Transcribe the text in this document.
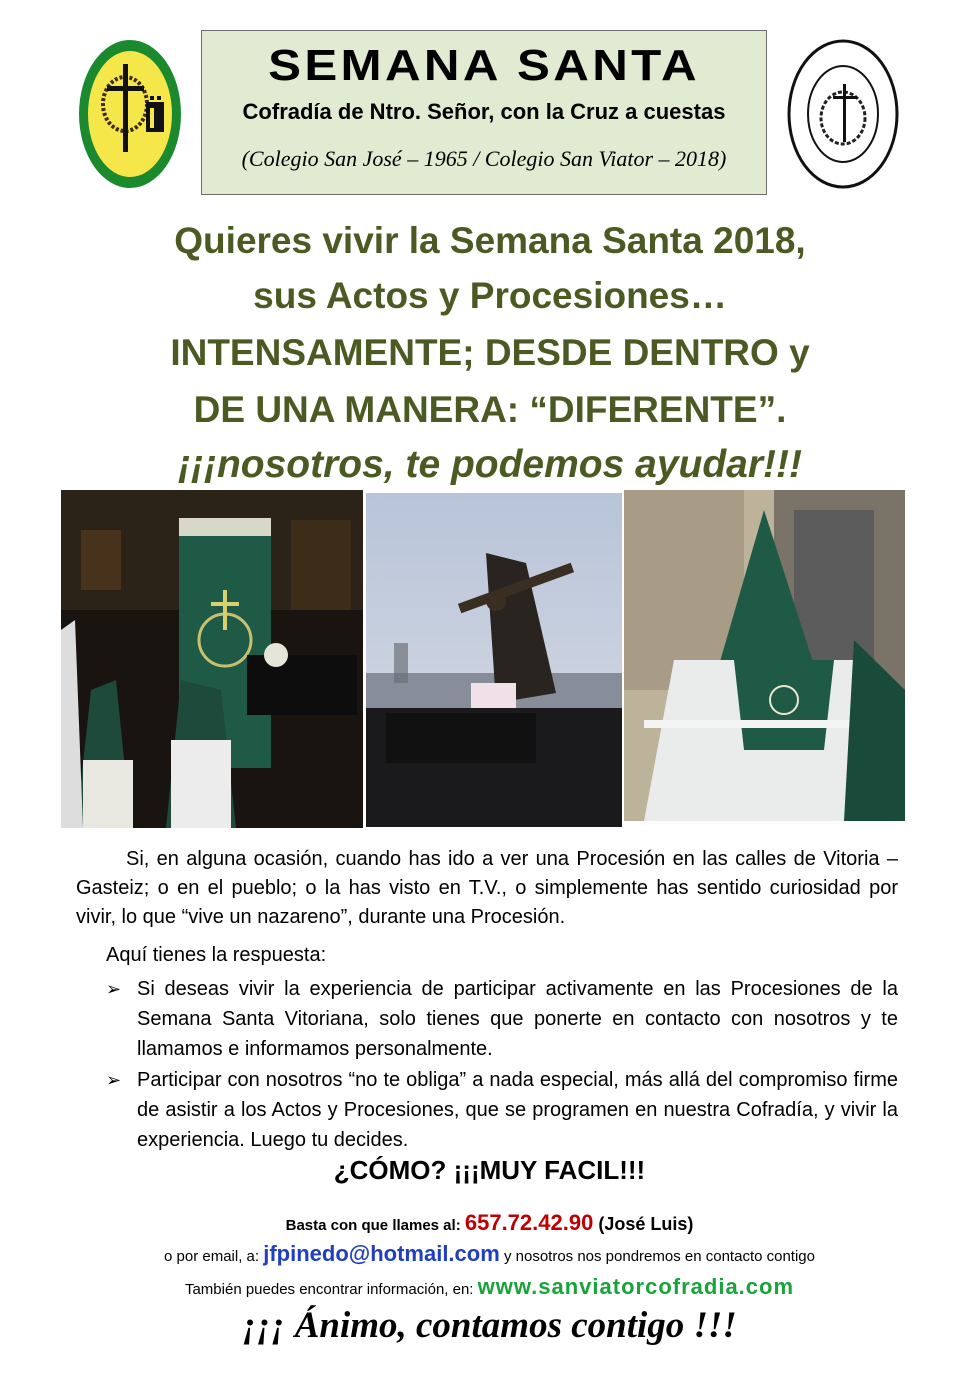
SEMANA SANTA
Cofradía de Ntro. Señor, con la Cruz a cuestas
(Colegio San José – 1965 / Colegio San Viator – 2018)
Quieres vivir la Semana Santa 2018,
sus Actos y Procesiones…
INTENSAMENTE; DESDE DENTRO y
DE UNA MANERA: “DIFERENTE”.
¡¡¡nosotros, te podemos ayudar!!!
Si, en alguna ocasión, cuando has ido a ver una Procesión en las calles de Vitoria – Gasteiz; o en el pueblo; o la has visto en T.V., o simplemente has sentido curiosidad por vivir, lo que “vive un nazareno”, durante una Procesión.
Aquí tienes la respuesta:
➢ Si deseas vivir la experiencia de participar activamente en las Procesiones de la Semana Santa Vitoriana, solo tienes que ponerte en contacto con nosotros y te llamamos e informamos personalmente.
➢ Participar con nosotros “no te obliga” a nada especial, más allá del compromiso firme de asistir a los Actos y Procesiones, que se programen en nuestra Cofradía, y vivir la experiencia. Luego tu decides.
¿CÓMO? ¡¡¡MUY FACIL!!!
Basta con que llames al: 657.72.42.90 (José Luis)
o por email, a: jfpinedo@hotmail.com y nosotros nos pondremos en contacto contigo
También puedes encontrar información, en: www.sanviatorcofradia.com
¡¡¡ Ánimo, contamos contigo !!!
